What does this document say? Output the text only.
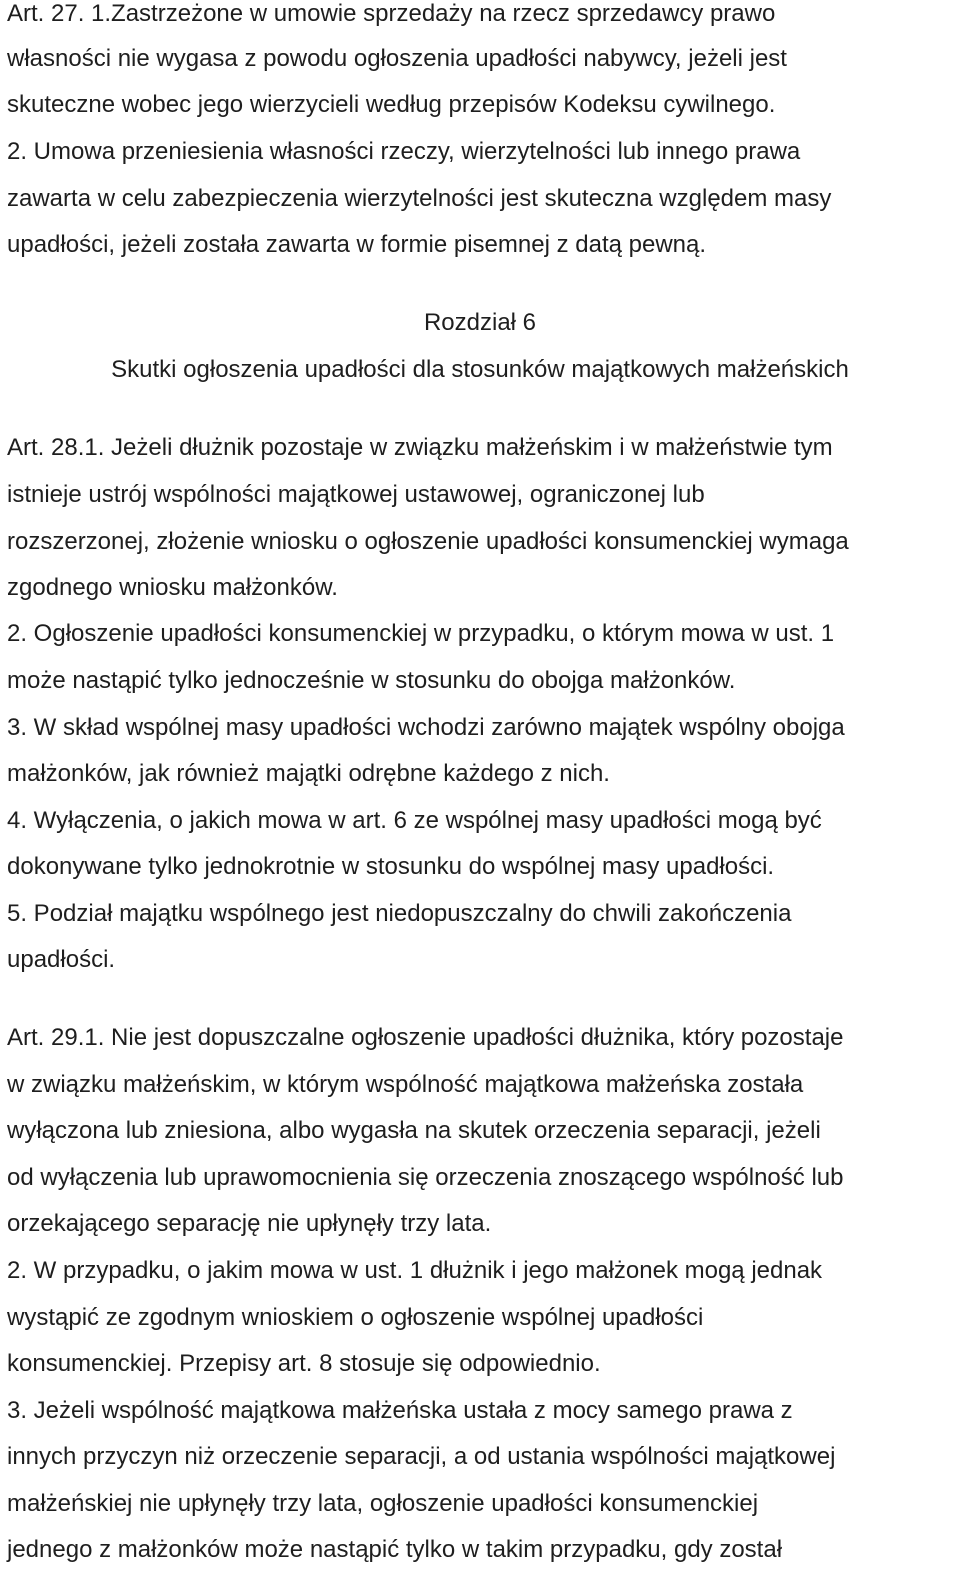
Art. 27. 1.Zastrzeżone w umowie sprzedaży na rzecz sprzedawcy prawo
własności nie wygasa z powodu ogłoszenia upadłości nabywcy, jeżeli jest
skuteczne wobec jego wierzycieli według przepisów Kodeksu cywilnego.
2. Umowa przeniesienia własności rzeczy, wierzytelności lub innego prawa
zawarta w celu zabezpieczenia wierzytelności jest skuteczna względem masy
upadłości, jeżeli została zawarta w formie pisemnej z datą pewną.
Rozdział 6
Skutki ogłoszenia upadłości dla stosunków majątkowych małżeńskich
Art. 28.1. Jeżeli dłużnik pozostaje w związku małżeńskim i w małżeństwie tym
istnieje ustrój wspólności majątkowej ustawowej, ograniczonej lub
rozszerzonej, złożenie wniosku o ogłoszenie upadłości konsumenckiej wymaga
zgodnego wniosku małżonków.
2. Ogłoszenie upadłości konsumenckiej w przypadku, o którym mowa w ust. 1
może nastąpić tylko jednocześnie w stosunku do obojga małżonków.
3. W skład wspólnej masy upadłości wchodzi zarówno majątek wspólny obojga
małżonków, jak również majątki odrębne każdego z nich.
4. Wyłączenia, o jakich mowa w art. 6 ze wspólnej masy upadłości mogą być
dokonywane tylko jednokrotnie w stosunku do wspólnej masy upadłości.
5. Podział majątku wspólnego jest niedopuszczalny do chwili zakończenia
upadłości.
Art. 29.1. Nie jest dopuszczalne ogłoszenie upadłości dłużnika, który pozostaje
w związku małżeńskim, w którym wspólność majątkowa małżeńska została
wyłączona lub zniesiona, albo wygasła na skutek orzeczenia separacji, jeżeli
od wyłączenia lub uprawomocnienia się orzeczenia znoszącego wspólność lub
orzekającego separację nie upłynęły trzy lata.
2. W przypadku, o jakim mowa w ust. 1 dłużnik i jego małżonek mogą jednak
wystąpić ze zgodnym wnioskiem o ogłoszenie wspólnej upadłości
konsumenckiej. Przepisy art. 8 stosuje się odpowiednio.
3. Jeżeli wspólność majątkowa małżeńska ustała z mocy samego prawa z
innych przyczyn niż orzeczenie separacji, a od ustania wspólności majątkowej
małżeńskiej nie upłynęły trzy lata, ogłoszenie upadłości konsumenckiej
jednego z małżonków może nastąpić tylko w takim przypadku, gdy został
